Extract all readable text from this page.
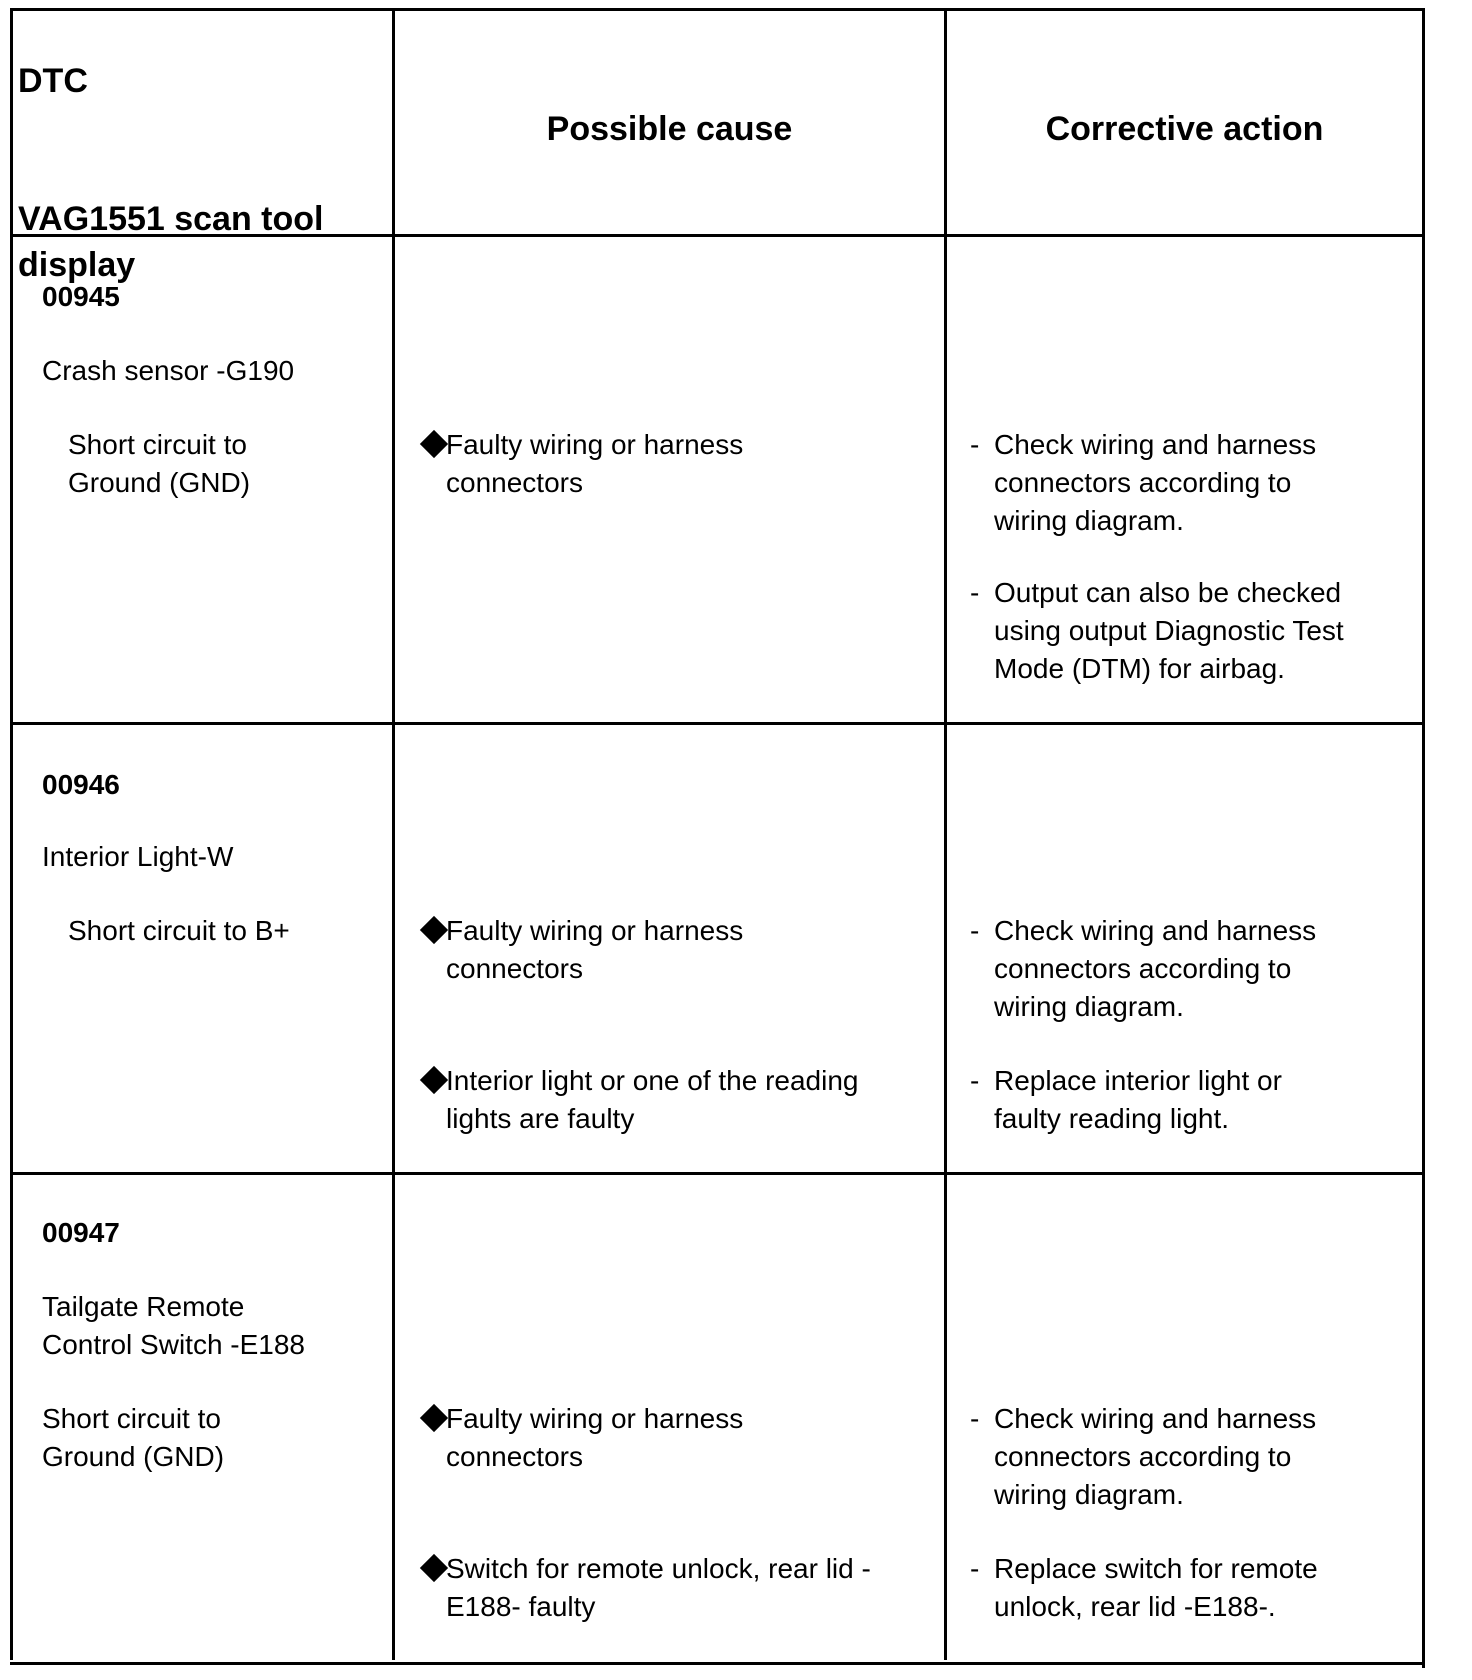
DTC

VAG1551 scan tool display

Possible cause	Corrective action
00945
Crash sensor -G190
Short circuit to
Ground (GND)
Faulty wiring or harness
connectors
- Check wiring and harness
connectors according to
wiring diagram.
- Output can also be checked
using output Diagnostic Test
Mode (DTM) for airbag.
00946
Interior Light-W
Short circuit to B+	Faulty wiring or harness
connectors
Interior light or one of the reading
lights are faulty
- Check wiring and harness
connectors according to
wiring diagram.
- Replace interior light or
faulty reading light.
00947
Tailgate Remote
Control Switch -E188
Short circuit to
Ground (GND)
Faulty wiring or harness
connectors
Switch for remote unlock, rear lid -
E188- faulty
- Check wiring and harness
connectors according to
wiring diagram.
- Replace switch for remote
unlock, rear lid -E188-.
